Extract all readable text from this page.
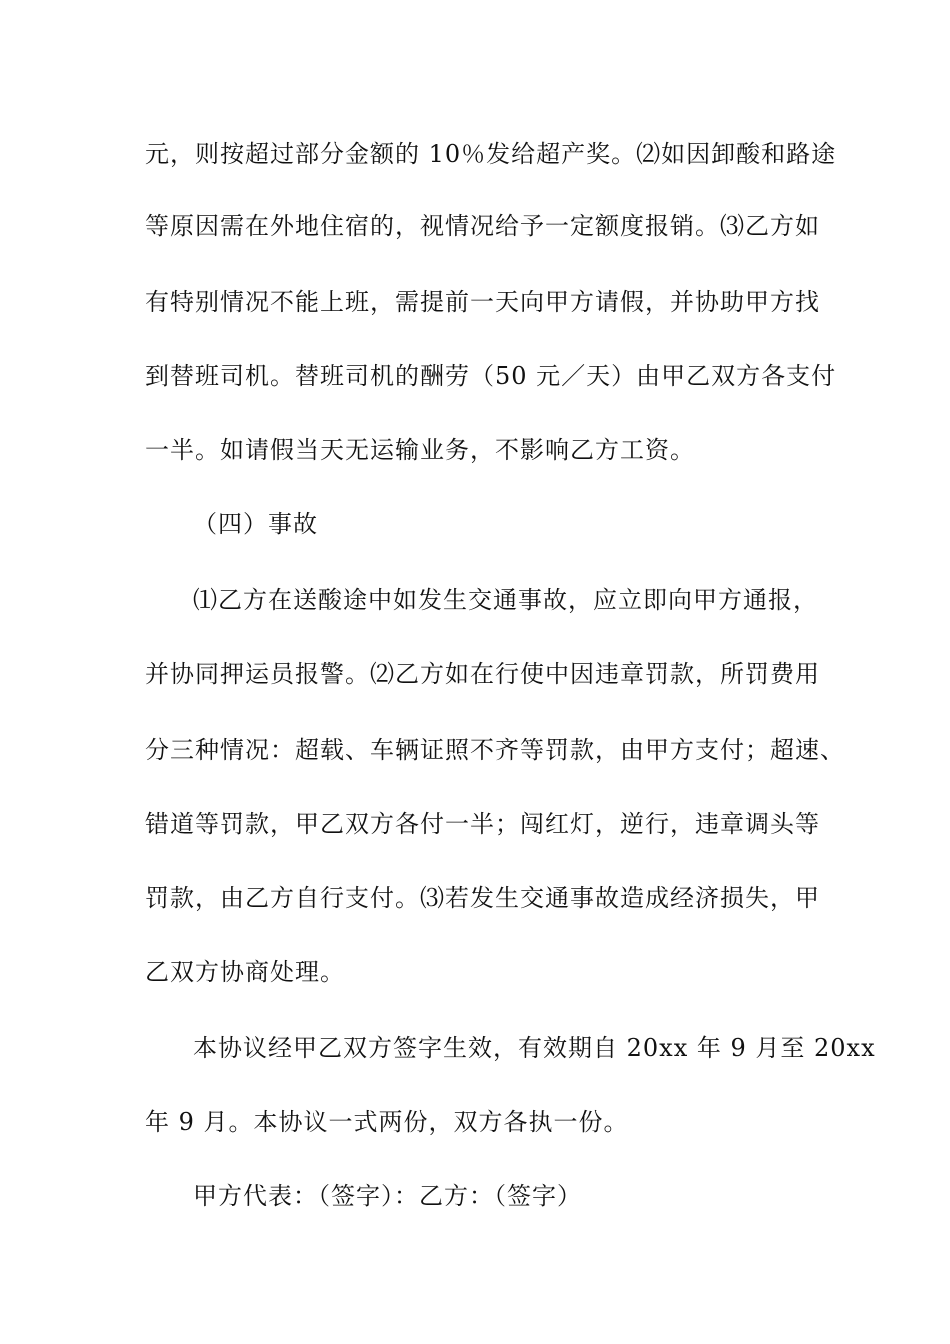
元，则按超过部分金额的 10％发给超产奖。⑵如因卸酸和路途
等原因需在外地住宿的，视情况给予一定额度报销。⑶乙方如
有特别情况不能上班，需提前一天向甲方请假，并协助甲方找
到替班司机。替班司机的酬劳（50 元／天）由甲乙双方各支付
一半。如请假当天无运输业务，不影响乙方工资。
（四）事故
⑴乙方在送酸途中如发生交通事故，应立即向甲方通报，
并协同押运员报警。⑵乙方如在行使中因违章罚款，所罚费用
分三种情况：超载、车辆证照不齐等罚款，由甲方支付；超速、
错道等罚款，甲乙双方各付一半；闯红灯，逆行，违章调头等
罚款，由乙方自行支付。⑶若发生交通事故造成经济损失，甲
乙双方协商处理。
本协议经甲乙双方签字生效，有效期自 20xx 年 9 月至 20xx
年 9 月。本协议一式两份，双方各执一份。
甲方代表：（签字）：乙方：（签字）
